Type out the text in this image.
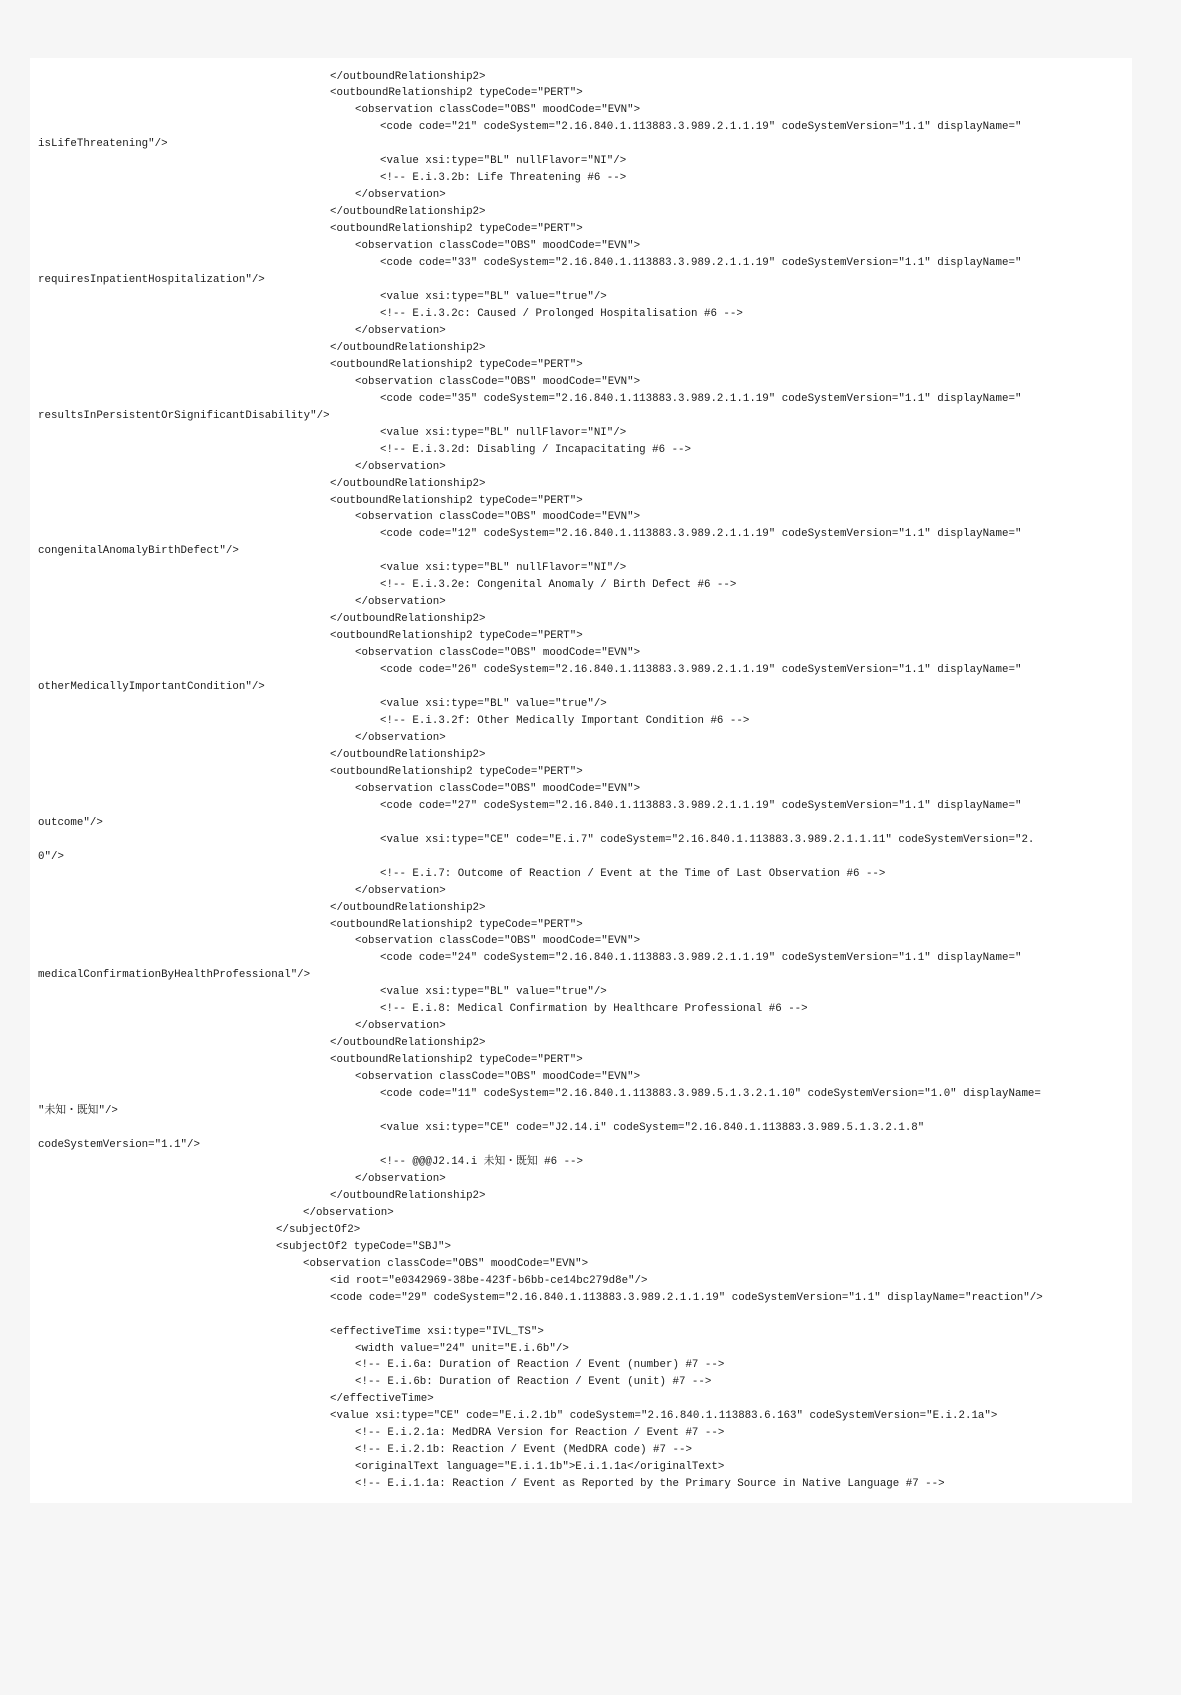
</outboundRelationship2>
<outboundRelationship2 typeCode="PERT">
<observation classCode="OBS" moodCode="EVN">
<code code="21" codeSystem="2.16.840.1.113883.3.989.2.1.1.19" codeSystemVersion="1.1" displayName="
isLifeThreatening"/>
<value xsi:type="BL" nullFlavor="NI"/>
<!-- E.i.3.2b: Life Threatening #6 -->
</observation>
</outboundRelationship2>
<outboundRelationship2 typeCode="PERT">
<observation classCode="OBS" moodCode="EVN">
<code code="33" codeSystem="2.16.840.1.113883.3.989.2.1.1.19" codeSystemVersion="1.1" displayName="
requiresInpatientHospitalization"/>
<value xsi:type="BL" value="true"/>
<!-- E.i.3.2c: Caused / Prolonged Hospitalisation #6 -->
</observation>
</outboundRelationship2>
<outboundRelationship2 typeCode="PERT">
<observation classCode="OBS" moodCode="EVN">
<code code="35" codeSystem="2.16.840.1.113883.3.989.2.1.1.19" codeSystemVersion="1.1" displayName="
resultsInPersistentOrSignificantDisability"/>
<value xsi:type="BL" nullFlavor="NI"/>
<!-- E.i.3.2d: Disabling / Incapacitating #6 -->
</observation>
</outboundRelationship2>
<outboundRelationship2 typeCode="PERT">
<observation classCode="OBS" moodCode="EVN">
<code code="12" codeSystem="2.16.840.1.113883.3.989.2.1.1.19" codeSystemVersion="1.1" displayName="
congenitalAnomalyBirthDefect"/>
<value xsi:type="BL" nullFlavor="NI"/>
<!-- E.i.3.2e: Congenital Anomaly / Birth Defect #6 -->
</observation>
</outboundRelationship2>
<outboundRelationship2 typeCode="PERT">
<observation classCode="OBS" moodCode="EVN">
<code code="26" codeSystem="2.16.840.1.113883.3.989.2.1.1.19" codeSystemVersion="1.1" displayName="
otherMedicallyImportantCondition"/>
<value xsi:type="BL" value="true"/>
<!-- E.i.3.2f: Other Medically Important Condition #6 -->
</observation>
</outboundRelationship2>
<outboundRelationship2 typeCode="PERT">
<observation classCode="OBS" moodCode="EVN">
<code code="27" codeSystem="2.16.840.1.113883.3.989.2.1.1.19" codeSystemVersion="1.1" displayName="
outcome"/>
<value xsi:type="CE" code="E.i.7" codeSystem="2.16.840.1.113883.3.989.2.1.1.11" codeSystemVersion="2.
0"/>
<!-- E.i.7: Outcome of Reaction / Event at the Time of Last Observation #6 -->
</observation>
</outboundRelationship2>
<outboundRelationship2 typeCode="PERT">
<observation classCode="OBS" moodCode="EVN">
<code code="24" codeSystem="2.16.840.1.113883.3.989.2.1.1.19" codeSystemVersion="1.1" displayName="
medicalConfirmationByHealthProfessional"/>
<value xsi:type="BL" value="true"/>
<!-- E.i.8: Medical Confirmation by Healthcare Professional #6 -->
</observation>
</outboundRelationship2>
<outboundRelationship2 typeCode="PERT">
<observation classCode="OBS" moodCode="EVN">
<code code="11" codeSystem="2.16.840.1.113883.3.989.5.1.3.2.1.10" codeSystemVersion="1.0" displayName=
"未知・既知"/>
<value xsi:type="CE" code="J2.14.i" codeSystem="2.16.840.1.113883.3.989.5.1.3.2.1.8"
codeSystemVersion="1.1"/>
<!-- @@@J2.14.i 未知・既知 #6 -->
</observation>
</outboundRelationship2>
</observation>
</subjectOf2>
<subjectOf2 typeCode="SBJ">
<observation classCode="OBS" moodCode="EVN">
<id root="e0342969-38be-423f-b6bb-ce14bc279d8e"/>
<code code="29" codeSystem="2.16.840.1.113883.3.989.2.1.1.19" codeSystemVersion="1.1" displayName="reaction"/>
<effectiveTime xsi:type="IVL_TS">
<width value="24" unit="E.i.6b"/>
<!-- E.i.6a: Duration of Reaction / Event (number) #7 -->
<!-- E.i.6b: Duration of Reaction / Event (unit) #7 -->
</effectiveTime>
<value xsi:type="CE" code="E.i.2.1b" codeSystem="2.16.840.1.113883.6.163" codeSystemVersion="E.i.2.1a">
<!-- E.i.2.1a: MedDRA Version for Reaction / Event #7 -->
<!-- E.i.2.1b: Reaction / Event (MedDRA code) #7 -->
<originalText language="E.i.1.1b">E.i.1.1a</originalText>
<!-- E.i.1.1a: Reaction / Event as Reported by the Primary Source in Native Language #7 -->
